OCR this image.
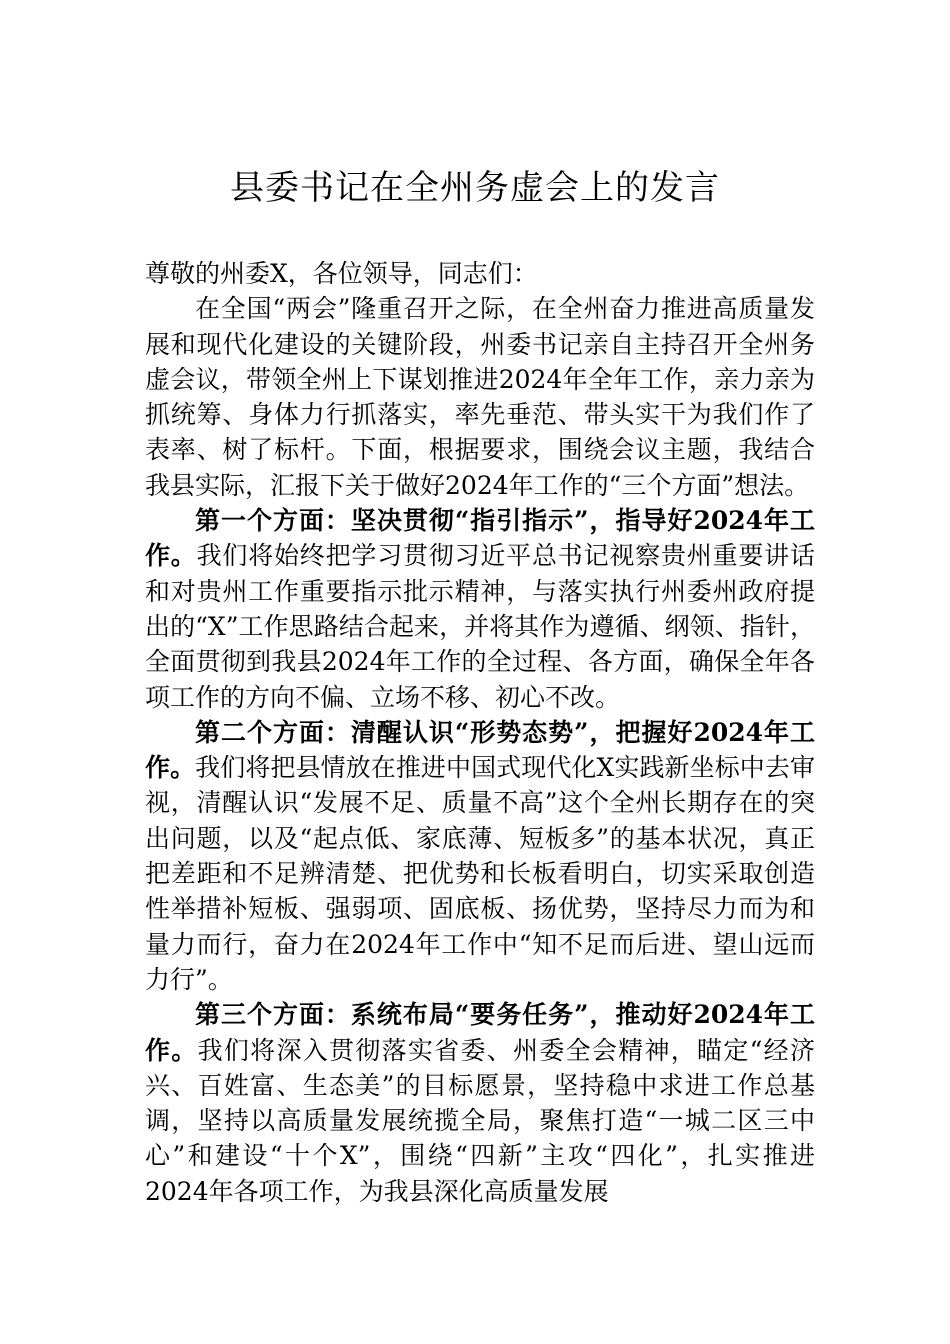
县委书记在全州务虚会上的发言

尊敬的州委X，各位领导，同志们：

在全国“两会”隆重召开之际，在全州奋力推进高质量发展和现代化建设的关键阶段，州委书记亲自主持召开全州务虚会议，带领全州上下谋划推进2024年全年工作，亲力亲为抓统筹、身体力行抓落实，率先垂范、带头实干为我们作了表率、树了标杆。下面，根据要求，围绕会议主题，我结合我县实际，汇报下关于做好2024年工作的“三个方面”想法。

第一个方面：坚决贯彻“指引指示”，指导好2024年工作。我们将始终把学习贯彻习近平总书记视察贵州重要讲话和对贵州工作重要指示批示精神，与落实执行州委州政府提出的“X”工作思路结合起来，并将其作为遵循、纲领、指针，全面贯彻到我县2024年工作的全过程、各方面，确保全年各项工作的方向不偏、立场不移、初心不改。

第二个方面：清醒认识“形势态势”，把握好2024年工作。我们将把县情放在推进中国式现代化X实践新坐标中去审视，清醒认识“发展不足、质量不高”这个全州长期存在的突出问题，以及“起点低、家底薄、短板多”的基本状况，真正把差距和不足辨清楚、把优势和长板看明白，切实采取创造性举措补短板、强弱项、固底板、扬优势，坚持尽力而为和量力而行，奋力在2024年工作中“知不足而后进、望山远而力行”。

第三个方面：系统布局“要务任务”，推动好2024年工作。我们将深入贯彻落实省委、州委全会精神，瞄定“经济兴、百姓富、生态美”的目标愿景，坚持稳中求进工作总基调，坚持以高质量发展统揽全局，聚焦打造“一城二区三中心”和建设“十个X”，围绕“四新”主攻“四化”，扎实推进2024年各项工作，为我县深化高质量发展
